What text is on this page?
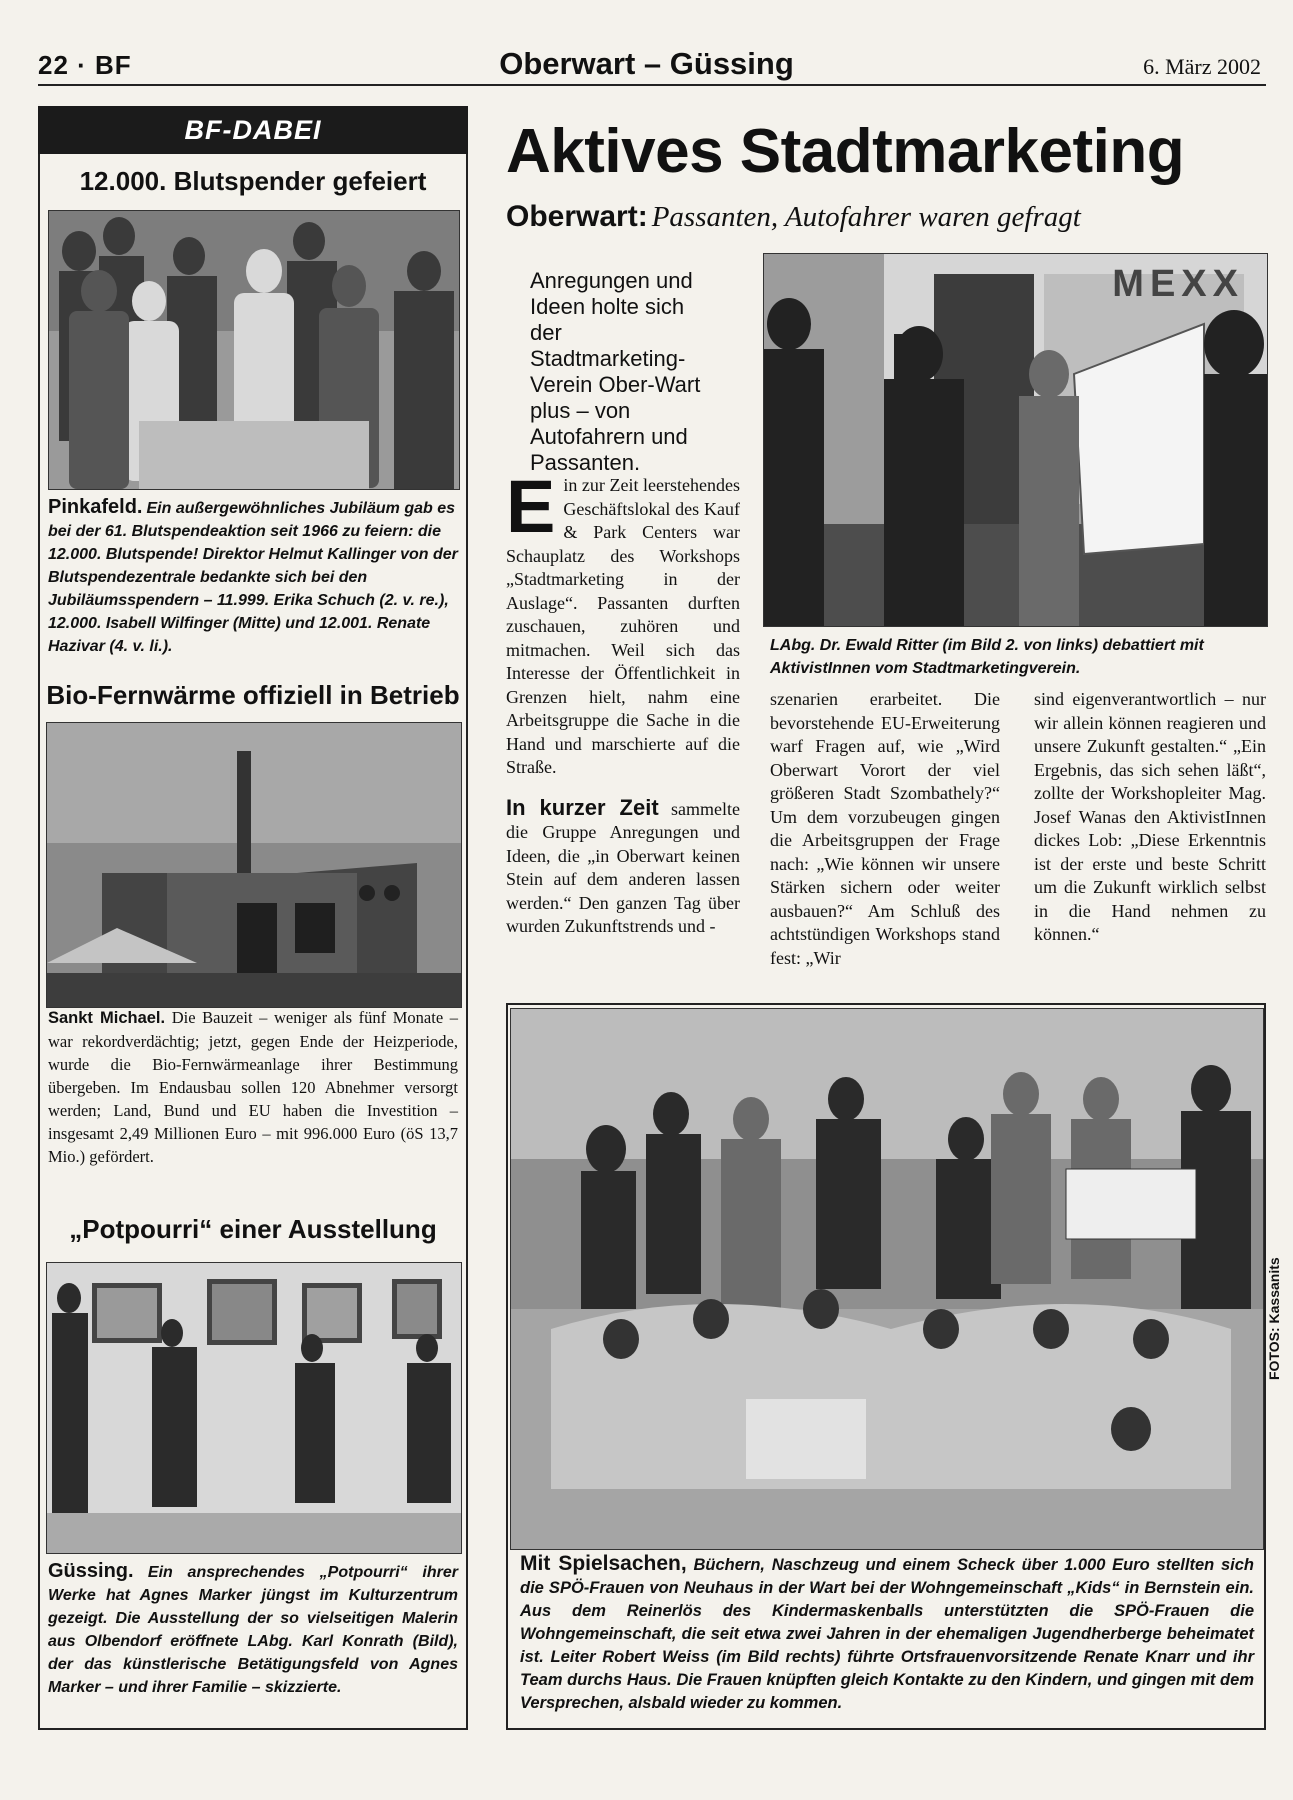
22 · BF	Oberwart – Güssing	6. März 2002
BF-DABEI
12.000. Blutspender gefeiert
Pinkafeld. Ein außergewöhnliches Jubiläum gab es bei der 61. Blutspendeaktion seit 1966 zu feiern: die 12.000. Blutspende! Direktor Helmut Kallinger von der Blutspendezentrale bedankte sich bei den Jubiläumsspendern – 11.999. Erika Schuch (2. v. re.), 12.000. Isabell Wilfinger (Mitte) und 12.001. Renate Hazivar (4. v. li.).
Bio-Fernwärme offiziell in Betrieb
Sankt Michael. Die Bauzeit – weniger als fünf Monate – war rekordverdächtig; jetzt, gegen Ende der Heizperiode, wurde die Bio-Fernwärmeanlage ihrer Bestimmung übergeben. Im Endausbau sollen 120 Abnehmer versorgt werden; Land, Bund und EU haben die Investition – insgesamt 2,49 Millionen Euro – mit 996.000 Euro (öS 13,7 Mio.) gefördert.
„Potpourri“ einer Ausstellung
Güssing. Ein ansprechendes „Potpourri“ ihrer Werke hat Agnes Marker jüngst im Kulturzentrum gezeigt. Die Ausstellung der so vielseitigen Malerin aus Olbendorf eröffnete LAbg. Karl Konrath (Bild), der das künstlerische Betätigungsfeld von Agnes Marker – und ihrer Familie – skizzierte.
Aktives Stadtmarketing
Oberwart: Passanten, Autofahrer waren gefragt
Anregungen und Ideen holte sich der Stadtmarketing-Verein Ober-Wart plus – von Autofahrern und Passanten.
MEXX
LAbg. Dr. Ewald Ritter (im Bild 2. von links) debattiert mit AktivistInnen vom Stadtmarketingverein.
Ein zur Zeit leerstehendes Geschäftslokal des Kauf & Park Centers war Schauplatz des Workshops „Stadtmarketing in der Auslage“. Passanten durften zuschauen, zuhören und mitmachen. Weil sich das Interesse der Öffentlichkeit in Grenzen hielt, nahm eine Arbeitsgruppe die Sache in die Hand und marschierte auf die Straße.
In kurzer Zeit sammelte die Gruppe Anregungen und Ideen, die „in Oberwart keinen Stein auf dem anderen lassen werden.“ Den ganzen Tag über wurden Zukunftstrends und -
szenarien erarbeitet. Die bevorstehende EU-Erweiterung warf Fragen auf, wie „Wird Oberwart Vorort der viel größeren Stadt Szombathely?“ Um dem vorzubeugen gingen die Arbeitsgruppen der Frage nach: „Wie können wir unsere Stärken sichern oder weiter ausbauen?“ Am Schluß des achtstündigen Workshops stand fest: „Wir
sind eigenverantwortlich – nur wir allein können reagieren und unsere Zukunft gestalten.“ „Ein Ergebnis, das sich sehen läßt“, zollte der Workshopleiter Mag. Josef Wanas den AktivistInnen dickes Lob: „Diese Erkenntnis ist der erste und beste Schritt um die Zukunft wirklich selbst in die Hand nehmen zu können.“
Mit Spielsachen, Büchern, Naschzeug und einem Scheck über 1.000 Euro stellten sich die SPÖ-Frauen von Neuhaus in der Wart bei der Wohngemeinschaft „Kids“ in Bernstein ein. Aus dem Reinerlös des Kindermaskenballs unterstützten die SPÖ-Frauen die Wohngemeinschaft, die seit etwa zwei Jahren in der ehemaligen Jugendherberge beheimatet ist. Leiter Robert Weiss (im Bild rechts) führte Ortsfrauenvorsitzende Renate Knarr und ihr Team durchs Haus. Die Frauen knüpften gleich Kontakte zu den Kindern, und gingen mit dem Versprechen, alsbald wieder zu kommen.
FOTOS: Kassanits
